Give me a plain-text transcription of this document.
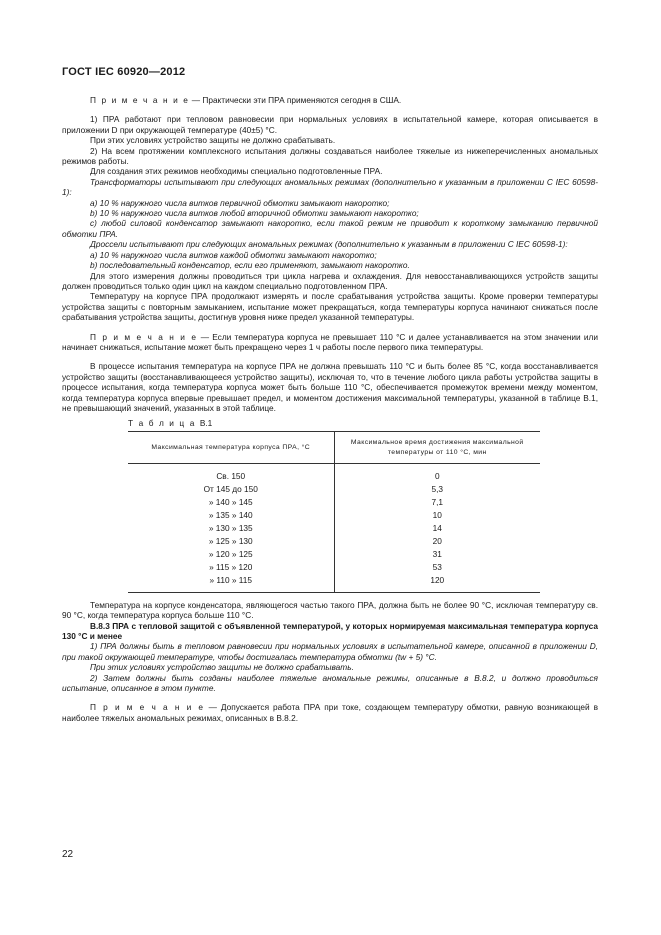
ГОСТ IEC 60920—2012

П р и м е ч а н и е — Практически эти ПРА применяются сегодня в США.

1) ПРА работают при тепловом равновесии при нормальных условиях в испытательной камере, которая описывается в приложении D при окружающей температуре (40±5) °С.

При этих условиях устройство защиты не должно срабатывать.

2) На всем протяжении комплексного испытания должны создаваться наиболее тяжелые из нижеперечисленных аномальных режимов работы.

Для создания этих режимов необходимы специально подготовленные ПРА.

Трансформаторы испытывают при следующих аномальных режимах (дополнительно к указанным в приложении С IEC 60598-1):

a) 10 % наружного числа витков первичной обмотки замыкают накоротко;

b) 10 % наружного числа витков любой вторичной обмотки замыкают накоротко;

c) любой силовой конденсатор замыкают накоротко, если такой режим не приводит к короткому замыканию первичной обмотки ПРА.

Дроссели испытывают при следующих аномальных режимах (дополнительно к указанным в приложении С IEC 60598-1):

a) 10 % наружного числа витков каждой обмотки замыкают накоротко;

b) последовательный конденсатор, если его применяют, замыкают накоротко.

Для этого измерения должны проводиться три цикла нагрева и охлаждения. Для невосстанавливающихся устройств защиты должен проводиться только один цикл на каждом специально подготовленном ПРА.

Температуру на корпусе ПРА продолжают измерять и после срабатывания устройства защиты. Кроме проверки температуры устройства защиты с повторным замыканием, испытание может прекращаться, когда температуры корпуса начинают снижаться после срабатывания устройства защиты, достигнув уровня ниже предел указанной температуры.

П р и м е ч а н и е — Если температура корпуса не превышает 110 °С и далее устанавливается на этом значении или начинает снижаться, испытание может быть прекращено через 1 ч работы после первого пика температуры.

В процессе испытания температура на корпусе ПРА не должна превышать 110 °С и быть более 85 °С, когда восстанавливается устройство защиты (восстанавливающееся устройство защиты), исключая то, что в течение любого цикла работы устройства защиты в процессе испытания, когда температура корпуса может быть больше 110 °С, обеспечивается промежуток времени между моментом, когда температура корпуса впервые превышает предел, и моментом достижения максимальной температуры, указанной в таблице В.1, не превышающий значений, указанных в этой таблице.

Т а б л и ц а В.1
Максимальная температура корпуса ПРА, °С	Максимальное время достижения максимальной температуры от 110 °С, мин
Св. 150	0
От 145 до 150	5,3
» 140 » 145	7,1
» 135 » 140	10
» 130 » 135	14
» 125 » 130	20
» 120 » 125	31
» 115 » 120	53
» 110 » 115	120

Температура на корпусе конденсатора, являющегося частью такого ПРА, должна быть не более 90 °С, исключая температуру св. 90 °С, когда температура корпуса больше 110 °С.

В.8.3 ПРА с тепловой защитой с объявленной температурой, у которых нормируемая максимальная температура корпуса 130 °С и менее

1) ПРА должны быть в тепловом равновесии при нормальных условиях в испытательной камере, описанной в приложении D, при такой окружающей температуре, чтобы достигалась температура обмотки (tw + 5) °С.

При этих условиях устройство защиты не должно срабатывать.

2) Затем должны быть созданы наиболее тяжелые аномальные режимы, описанные в В.8.2, и должно проводиться испытание, описанное в этом пункте.

П р и м е ч а н и е — Допускается работа ПРА при токе, создающем температуру обмотки, равную возникающей в наиболее тяжелых аномальных режимах, описанных в В.8.2.

22
